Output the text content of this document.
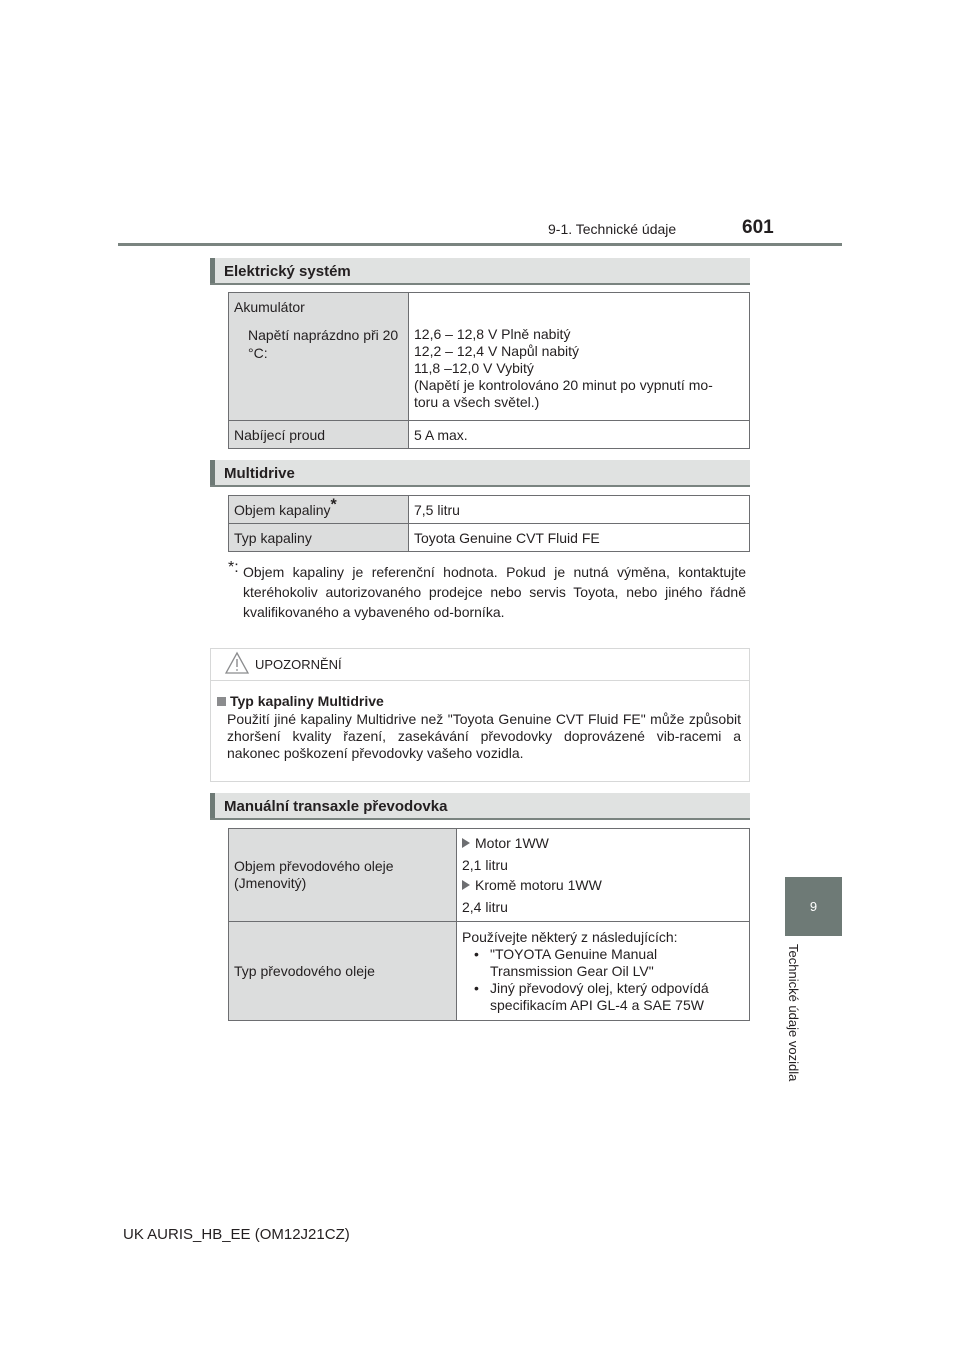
9-1. Technické údaje	601
9
Technické údaje vozidla
Elektrický systém
Akumulátor
Napětí naprázdno při 20 °C:	12,6 – 12,8 V Plně nabitý
12,2 – 12,4 V Napůl nabitý
11,8 –12,0 V Vybitý
(Napětí je kontrolováno 20 minut po vypnutí mo-
toru a všech světel.)

Nabíjecí proud	5 A max.
Multidrive
Objem kapaliny*	7,5 litru
Typ kapaliny	Toyota Genuine CVT Fluid FE
*: Objem kapaliny je referenční hodnota. Pokud je nutná výměna, kontaktujte kteréhokoliv autorizovaného prodejce nebo servis Toyota, nebo jiného řádně kvalifikovaného a vybaveného od-borníka.
UPOZORNĚNÍ
Typ kapaliny Multidrive
Použití jiné kapaliny Multidrive než "Toyota Genuine CVT Fluid FE" může způsobit zhoršení kvality řazení, zasekávání převodovky doprovázené vib-racemi a nakonec poškození převodovky vašeho vozidla.
Manuální transaxle převodovka
Objem převodového oleje (Jmenovitý)	Motor 1WW
2,1 litru
Kromě motoru 1WW
2,4 litru

Typ převodového oleje	Používejte některý z následujících:
• "TOYOTA Genuine Manual
Transmission Gear Oil LV"
• Jiný převodový olej, který odpovídá
specifikacím API GL-4 a SAE 75W
UK AURIS_HB_EE (OM12J21CZ)
